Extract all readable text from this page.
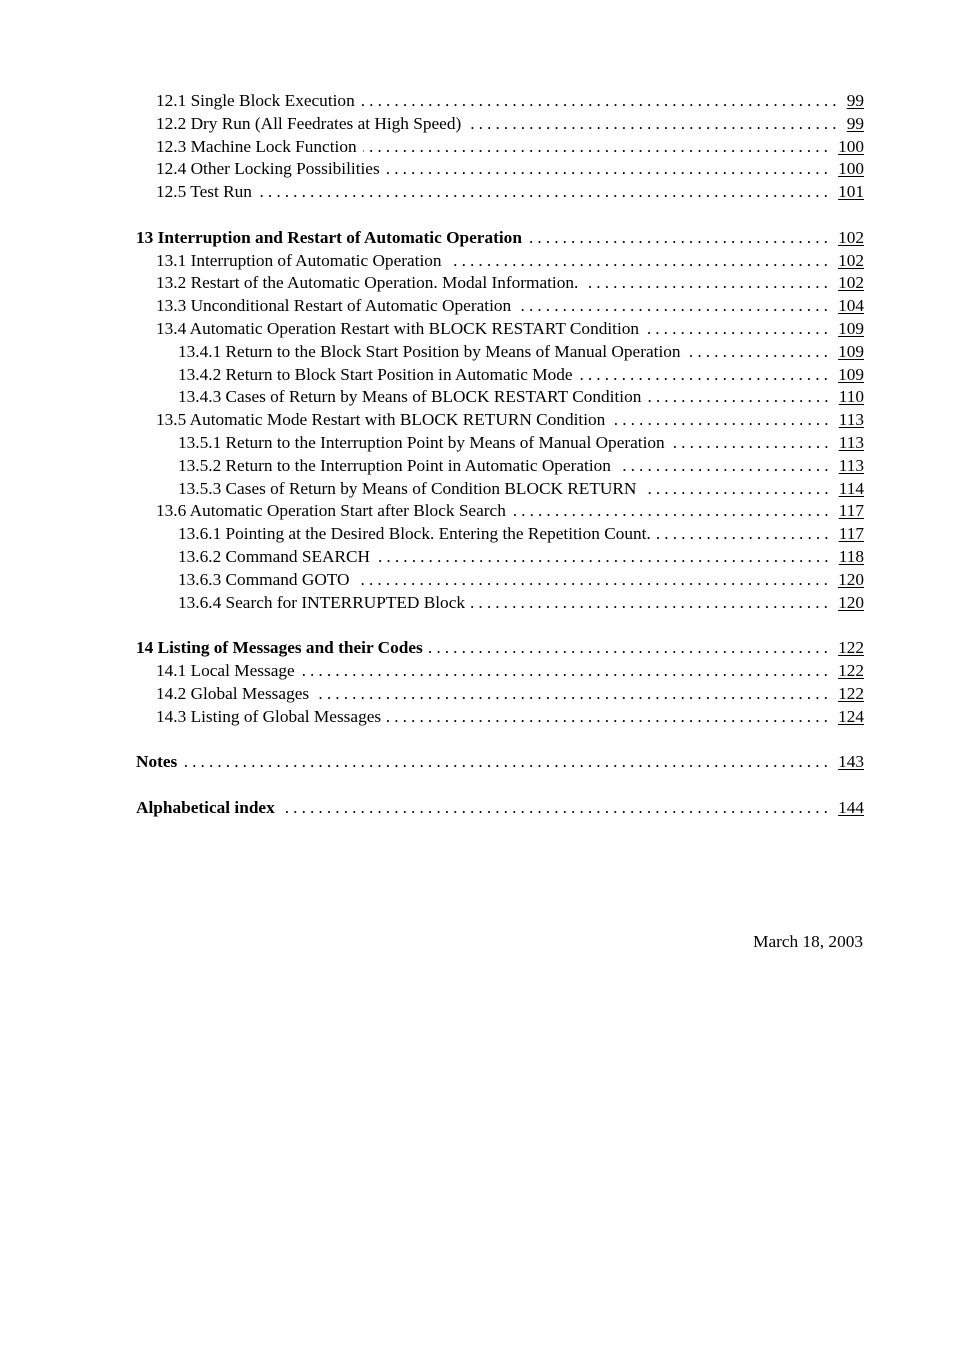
12.1 Single Block Execution .....	99
12.2 Dry Run (All Feedrates at High Speed) .....	99
12.3 Machine Lock Function .....	100
12.4 Other Locking Possibilities .....	100
12.5 Test Run .....	101
13 Interruption and Restart of Automatic Operation .....	102
13.1 Interruption of Automatic Operation .....	102
13.2 Restart of the Automatic Operation. Modal Information. .....	102
13.3 Unconditional Restart of Automatic Operation .....	104
13.4 Automatic Operation Restart with BLOCK RESTART Condition .....	109
13.4.1 Return to the Block Start Position by Means of Manual Operation .....	109
13.4.2 Return to Block Start Position in Automatic Mode .....	109
13.4.3 Cases of Return by Means of BLOCK RESTART Condition .....	110
13.5 Automatic Mode Restart with BLOCK RETURN Condition .....	113
13.5.1 Return to the Interruption Point by Means of Manual Operation .....	113
13.5.2 Return to the Interruption Point in Automatic Operation .....	113
13.5.3 Cases of Return by Means of Condition BLOCK RETURN .....	114
13.6 Automatic Operation Start after Block Search .....	117
13.6.1 Pointing at the Desired Block. Entering the Repetition Count. .....	117
13.6.2 Command SEARCH .....	118
13.6.3 Command GOTO .....	120
13.6.4 Search for INTERRUPTED Block .....	120
14 Listing of Messages and their Codes .....	122
14.1 Local Message .....	122
14.2 Global Messages .....	122
14.3 Listing of Global Messages .....	124
Notes .....	143
Alphabetical index .....	144
March 18, 2003
